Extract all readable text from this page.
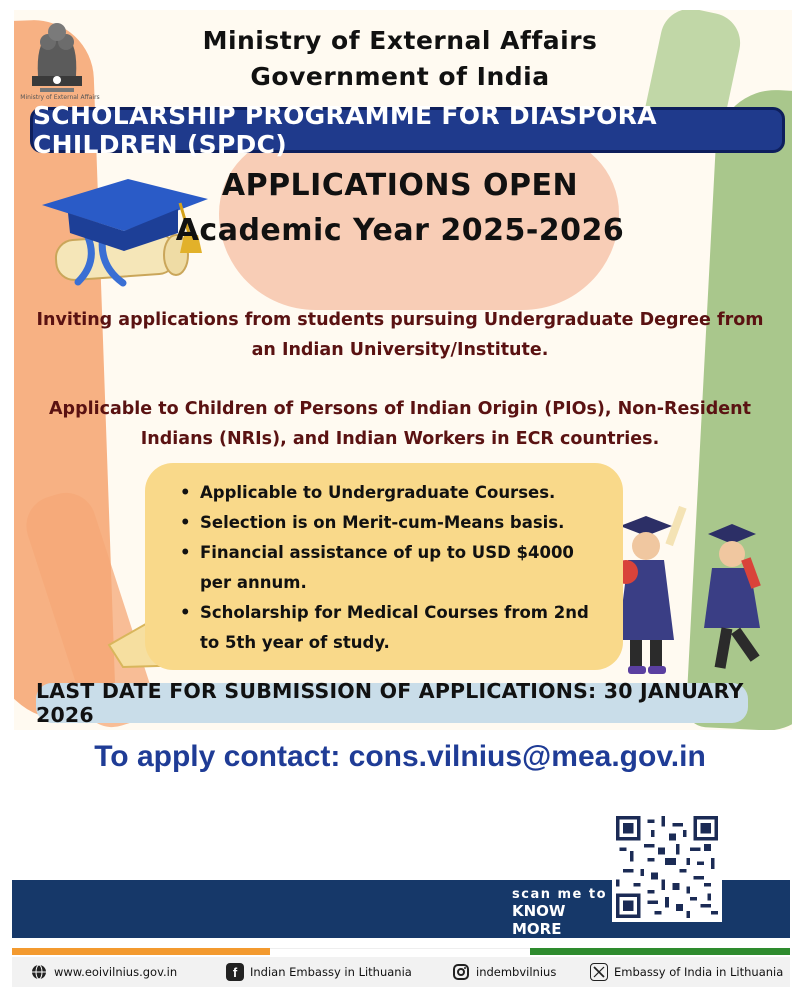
Ministry of External Affairs
Ministry of External Affairs
Government of India
SCHOLARSHIP PROGRAMME FOR DIASPORA CHILDREN (SPDC)
APPLICATIONS OPEN
Academic Year 2025-2026
Inviting applications from students pursuing Undergraduate Degree from an Indian University/Institute.
Applicable to Children of Persons of Indian Origin (PIOs), Non-Resident Indians (NRIs), and Indian Workers in ECR countries.
• Applicable to Undergraduate Courses.
• Selection is on Merit-cum-Means basis.
• Financial assistance of up to USD $4000 per annum.
• Scholarship for Medical Courses from 2nd to 5th year of study.
LAST DATE FOR SUBMISSION OF APPLICATIONS: 30 JANUARY 2026
To apply contact: cons.vilnius@mea.gov.in
scan me to
KNOW MORE
www.eoivilnius.gov.in	f	Indian Embassy in Lithuania	indembvilnius	Embassy of India in Lithuania
